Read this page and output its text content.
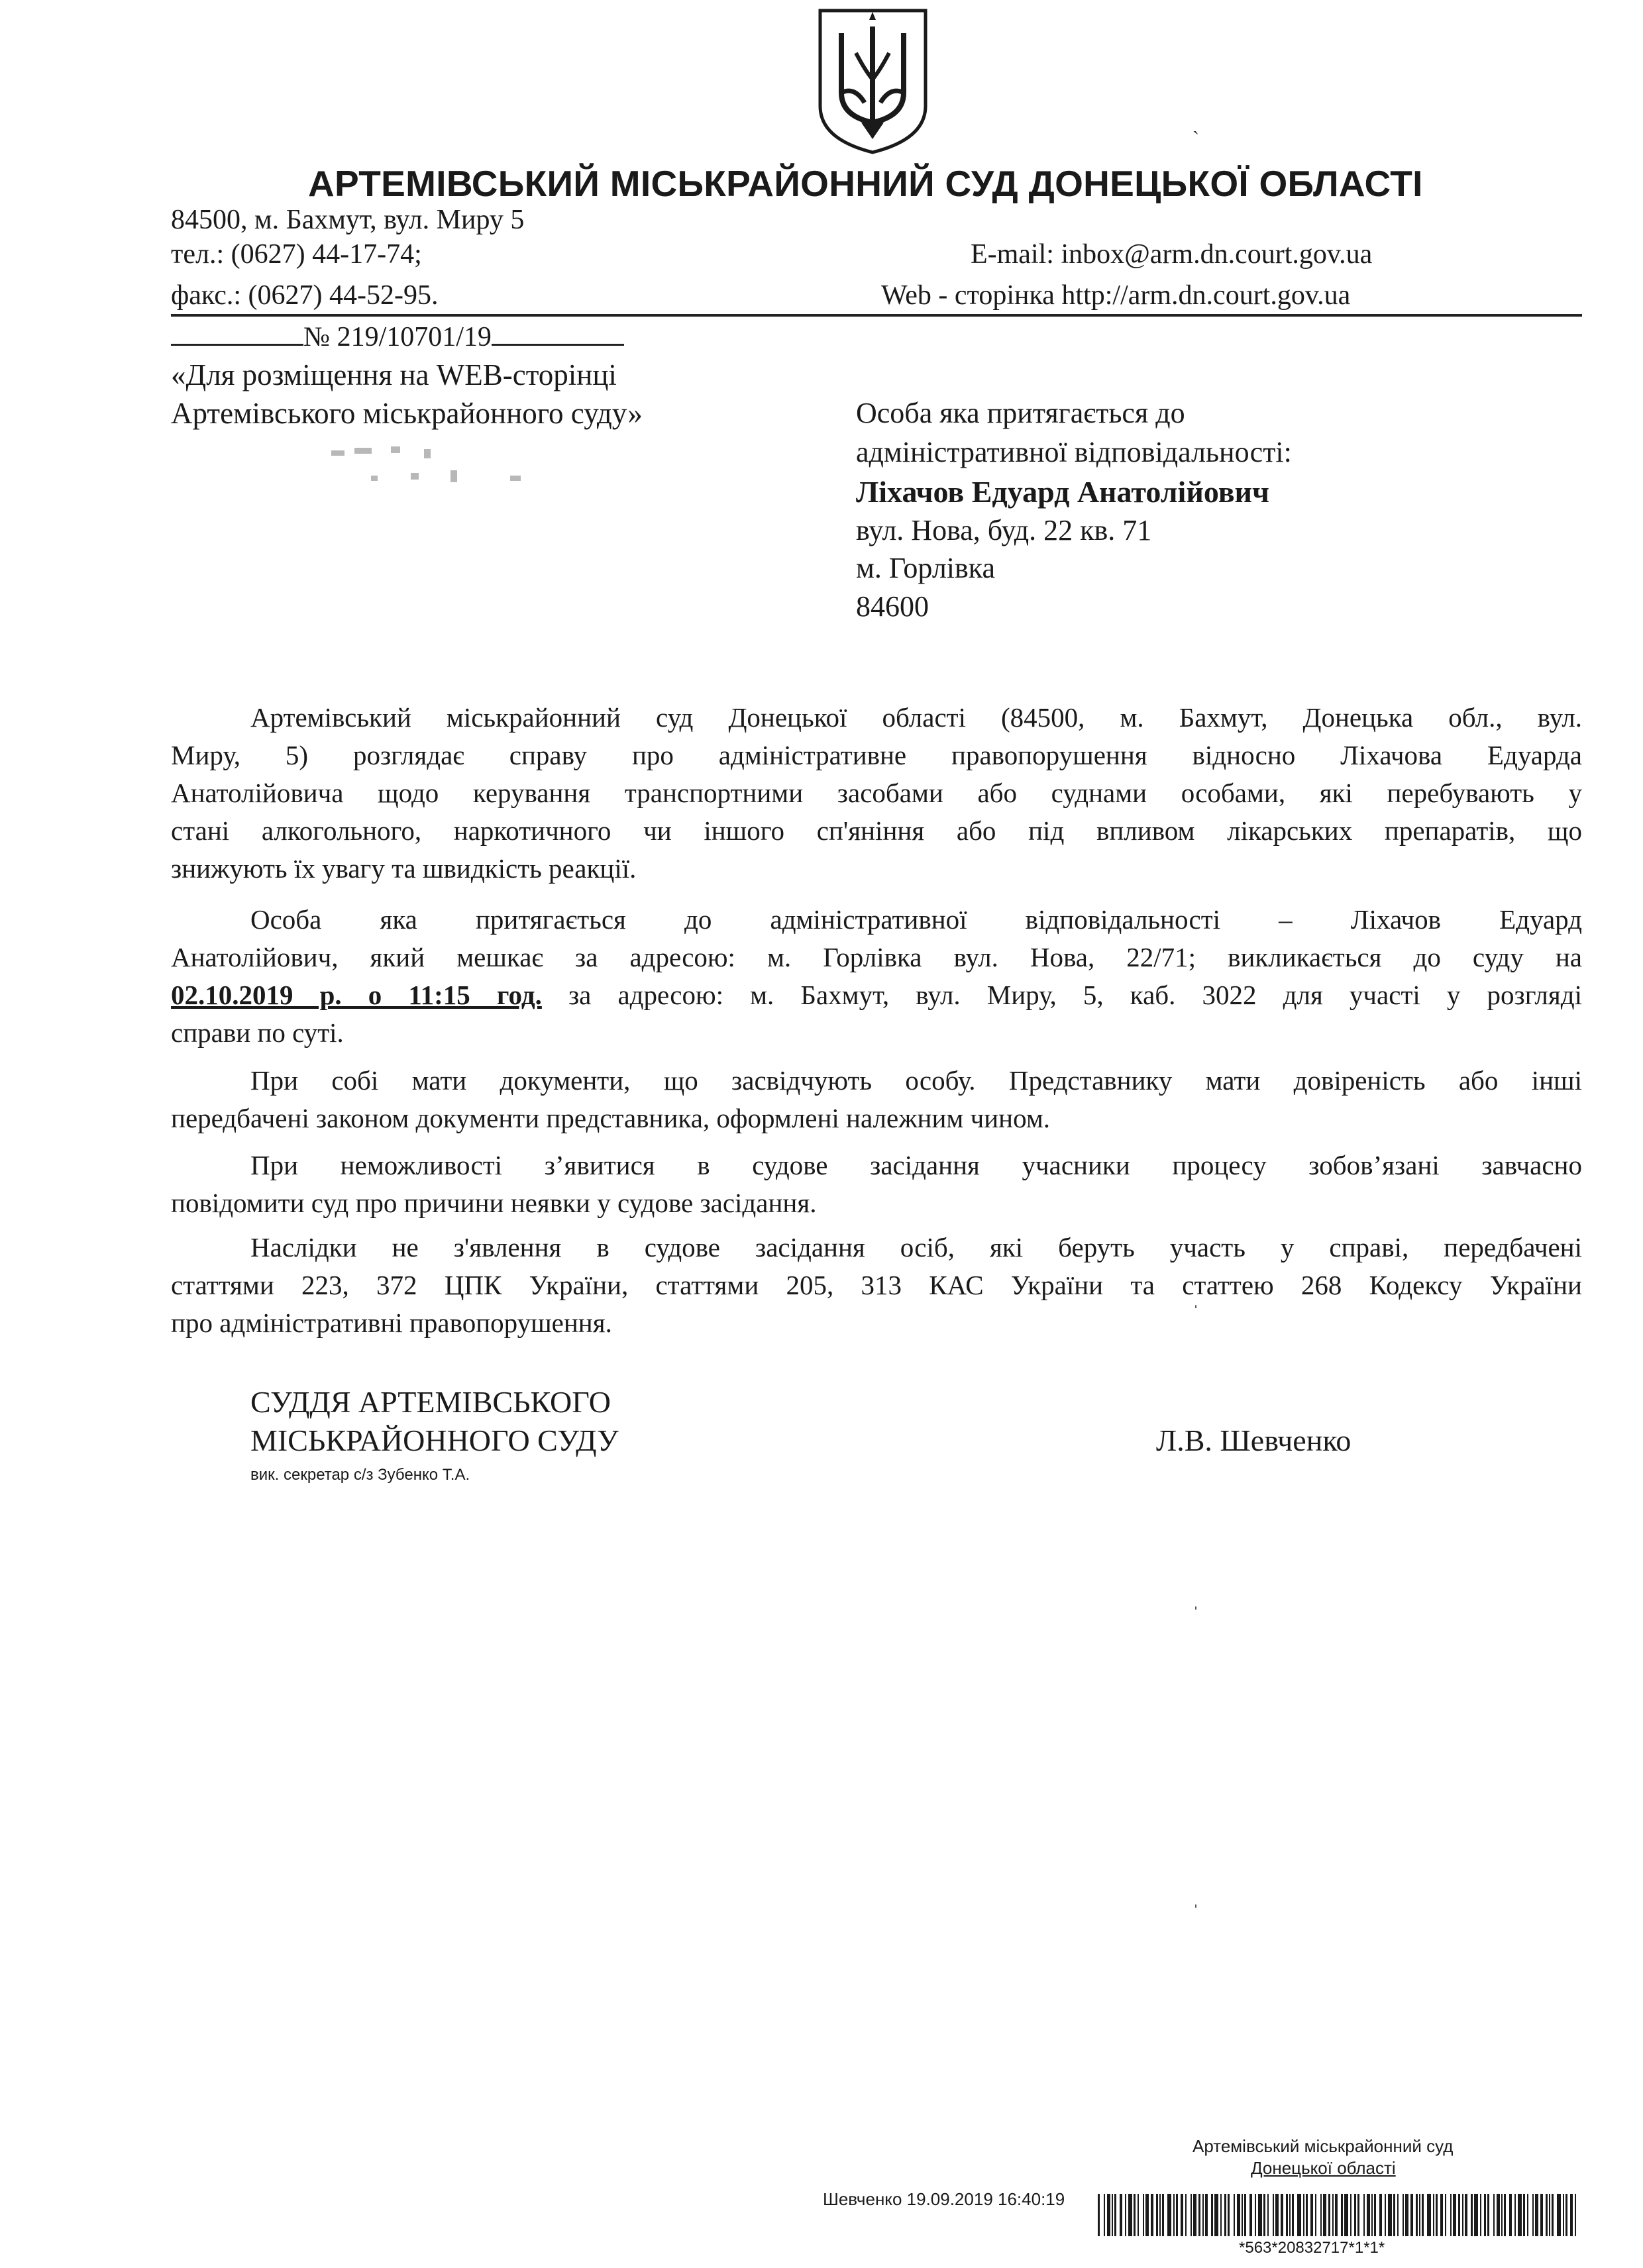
АРТЕМІВСЬКИЙ МІСЬКРАЙОННИЙ СУД ДОНЕЦЬКОЇ ОБЛАСТІ
84500, м. Бахмут, вул. Миру 5
тел.: (0627) 44-17-74;
факс.: (0627) 44-52-95.
E-mail: inbox@arm.dn.court.gov.ua
Web - сторінка http://arm.dn.court.gov.ua
№ 219/10701/19
«Для розміщення на WEB-сторінці
Артемівського міськрайонного суду»	Особа яка притягається до
адміністративної відповідальності:
Ліхачов Едуард Анатолійович
вул. Нова, буд. 22 кв. 71
м. Горлівка
84600
Артемівський міськрайонний суд Донецької області (84500, м. Бахмут, Донецька обл., вул.
Миру, 5) розглядає справу про адміністративне правопорушення відносно Ліхачова Едуарда
Анатолійовича щодо керування транспортними засобами або суднами особами, які перебувають у
стані алкогольного, наркотичного чи іншого сп'яніння або під впливом лікарських препаратів, що
знижують їх увагу та швидкість реакції.
Особа яка притягається до адміністративної відповідальності – Ліхачов Едуард
Анатолійович, який мешкає за адресою: м. Горлівка вул. Нова, 22/71; викликається до суду на
02.10.2019 р. о 11:15 год. за адресою: м. Бахмут, вул. Миру, 5, каб. 3022 для участі у розгляді
справи по суті.
При собі мати документи, що засвідчують особу. Представнику мати довіреність або інші
передбачені законом документи представника, оформлені належним чином.
При неможливості з’явитися в судове засідання учасники процесу зобов’язані завчасно
повідомити суд про причини неявки у судове засідання.
Наслідки не з'явлення в судове засідання осіб, які беруть участь у справі, передбачені
статтями 223, 372 ЦПК України, статтями 205, 313 КАС України та статтею 268 Кодексу України
про адміністративні правопорушення.
СУДДЯ АРТЕМІВСЬКОГО
МІСЬКРАЙОННОГО СУДУ
вик. секретар с/з Зубенко Т.А.
Л.В. Шевченко
ˎ
ˈ
ˈ
ˈ
Артемівський міськрайонний суд
Донецької області
Шевченко 19.09.2019 16:40:19
*563*20832717*1*1*
